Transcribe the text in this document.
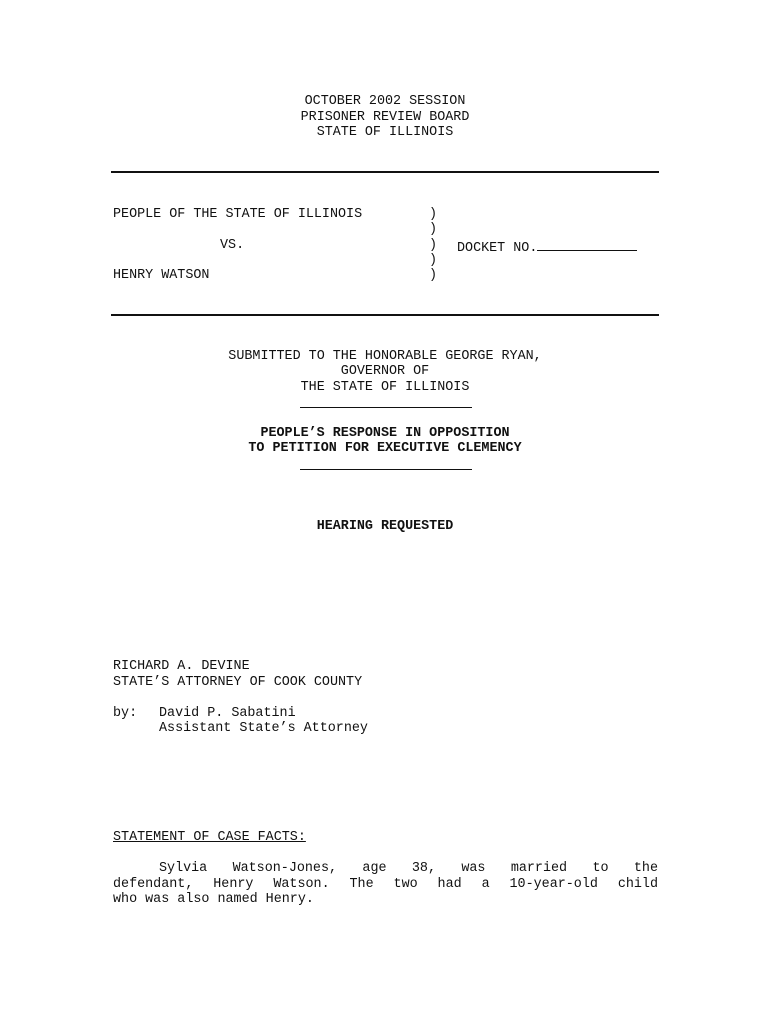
OCTOBER 2002 SESSION
PRISONER REVIEW BOARD
STATE OF ILLINOIS
PEOPLE OF THE STATE OF ILLINOIS
VS.
HENRY WATSON
)
)
)
)
)
DOCKET NO.
SUBMITTED TO THE HONORABLE GEORGE RYAN,
GOVERNOR OF
THE STATE OF ILLINOIS
PEOPLE’S RESPONSE IN OPPOSITION
TO PETITION FOR EXECUTIVE CLEMENCY
HEARING REQUESTED
RICHARD A. DEVINE
STATE’S ATTORNEY OF COOK COUNTY
by: David P. Sabatini
Assistant State’s Attorney
STATEMENT OF CASE FACTS:
Sylvia Watson-Jones, age 38, was married to the
defendant, Henry Watson. The two had a 10-year-old child
who was also named Henry.
